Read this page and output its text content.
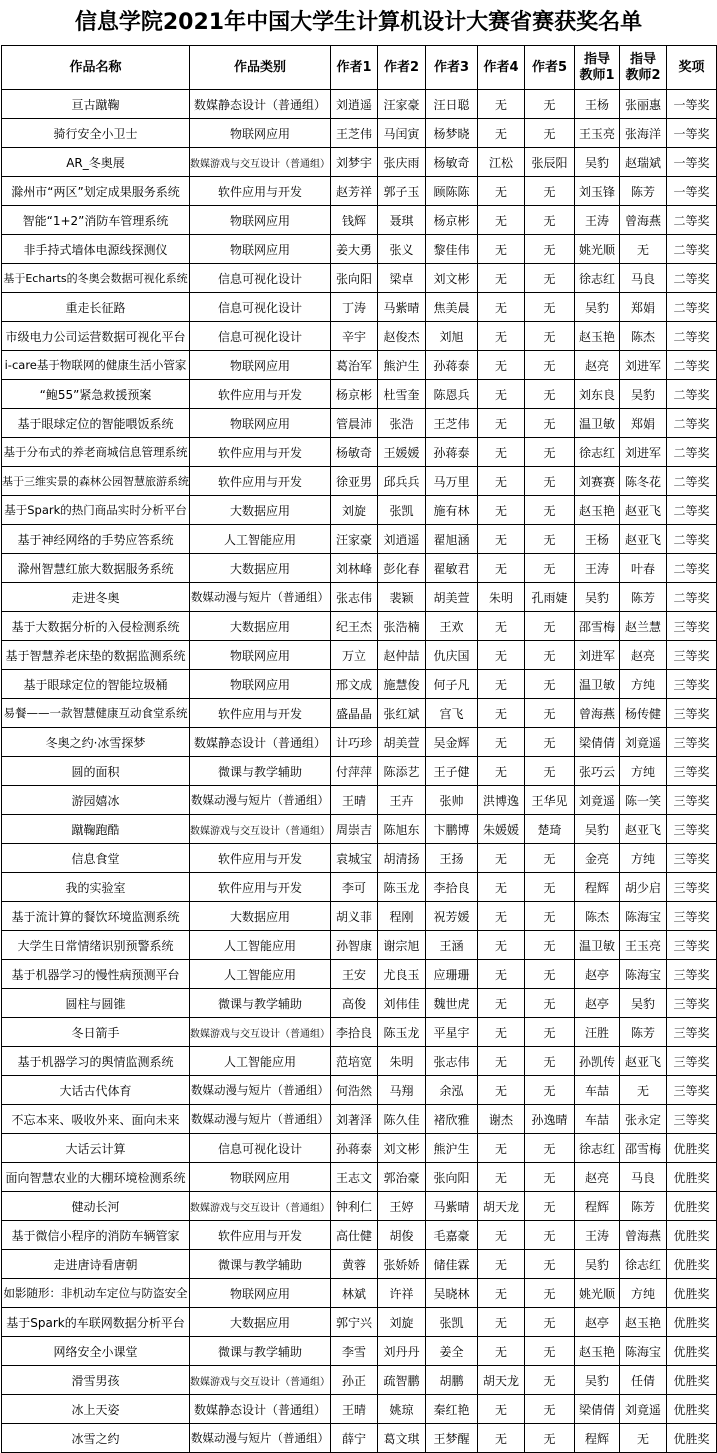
信息学院2021年中国大学生计算机设计大赛省赛获奖名单
作品名称	作品类别	作者1	作者2	作者3	作者4	作者5	指导教师1	指导教师2	奖项
亘古蹴鞠	数媒静态设计（普通组）	刘逍遥	汪家豪	汪日聪	无	无	王杨	张丽惠	一等奖
骑行安全小卫士	物联网应用	王芝伟	马闰寅	杨梦晓	无	无	王玉亮	张海洋	一等奖
AR_冬奥展	数媒游戏与交互设计（普通组）	刘梦宇	张庆雨	杨敏奇	江松	张辰阳	吴豹	赵瑞斌	一等奖
滁州市“两区”划定成果服务系统	软件应用与开发	赵芳祥	郭子玉	顾陈陈	无	无	刘玉锋	陈芳	一等奖
智能“1+2”消防车管理系统	物联网应用	钱辉	聂琪	杨京彬	无	无	王涛	曾海燕	二等奖
非手持式墙体电源线探测仪	物联网应用	姜大勇	张义	黎佳伟	无	无	姚光顺	无	二等奖
基于Echarts的冬奥会数据可视化系统	信息可视化设计	张向阳	梁卓	刘文彬	无	无	徐志红	马良	二等奖
重走长征路	信息可视化设计	丁涛	马紫晴	焦美晨	无	无	吴豹	郑娟	二等奖
市级电力公司运营数据可视化平台	信息可视化设计	辛宇	赵俊杰	刘旭	无	无	赵玉艳	陈杰	二等奖
i-care基于物联网的健康生活小管家	物联网应用	葛治军	熊沪生	孙蒋泰	无	无	赵亮	刘进军	二等奖
“鲍55”紧急救援预案	软件应用与开发	杨京彬	杜雪奎	陈恩兵	无	无	刘东良	吴豹	二等奖
基于眼球定位的智能喂饭系统	物联网应用	管晨沛	张浩	王芝伟	无	无	温卫敏	郑娟	二等奖
基于分布式的养老商城信息管理系统	软件应用与开发	杨敏奇	王媛媛	孙蒋泰	无	无	徐志红	刘进军	二等奖
基于三维实景的森林公园智慧旅游系统	软件应用与开发	徐亚男	邱兵兵	马万里	无	无	刘赛赛	陈冬花	二等奖
基于Spark的热门商品实时分析平台	大数据应用	刘旋	张凯	施有林	无	无	赵玉艳	赵亚飞	二等奖
基于神经网络的手势应答系统	人工智能应用	汪家豪	刘逍遥	翟旭涵	无	无	王杨	赵亚飞	二等奖
滁州智慧红旅大数据服务系统	大数据应用	刘林峰	彭化春	翟敏君	无	无	王涛	叶春	二等奖
走进冬奥	数媒动漫与短片（普通组）	张志伟	裴颖	胡美萱	朱明	孔雨婕	吴豹	陈芳	二等奖
基于大数据分析的入侵检测系统	大数据应用	纪王杰	张浩楠	王欢	无	无	邵雪梅	赵兰慧	三等奖
基于智慧养老床垫的数据监测系统	物联网应用	万立	赵仲喆	仇庆国	无	无	刘进军	赵亮	三等奖
基于眼球定位的智能垃圾桶	物联网应用	邢文成	施慧俊	何子凡	无	无	温卫敏	方纯	三等奖
易餐——一款智慧健康互动食堂系统	软件应用与开发	盛晶晶	张红斌	宫飞	无	无	曾海燕	杨传健	三等奖
冬奥之约·冰雪探梦	数媒静态设计（普通组）	计巧珍	胡美萱	吴金辉	无	无	梁倩倩	刘竟遥	三等奖
圆的面积	微课与教学辅助	付萍萍	陈添艺	王子健	无	无	张巧云	方纯	三等奖
游园嬉冰	数媒动漫与短片（普通组）	王晴	王卉	张帅	洪博逸	王华见	刘竟遥	陈一笑	三等奖
蹴鞠跑酷	数媒游戏与交互设计（普通组）	周崇吉	陈旭东	卞鹏博	朱媛媛	楚琦	吴豹	赵亚飞	三等奖
信息食堂	软件应用与开发	袁城宝	胡清扬	王扬	无	无	金亮	方纯	三等奖
我的实验室	软件应用与开发	李可	陈玉龙	李拾良	无	无	程辉	胡少启	三等奖
基于流计算的餐饮环境监测系统	大数据应用	胡义菲	程刚	祝芳媛	无	无	陈杰	陈海宝	三等奖
大学生日常情绪识别预警系统	人工智能应用	孙智康	谢宗旭	王涵	无	无	温卫敏	王玉亮	三等奖
基于机器学习的慢性病预测平台	人工智能应用	王安	尤良玉	应珊珊	无	无	赵亭	陈海宝	三等奖
圆柱与圆锥	微课与教学辅助	高俊	刘伟佳	魏世虎	无	无	赵亭	吴豹	三等奖
冬日箭手	数媒游戏与交互设计（普通组）	李拾良	陈玉龙	平星宇	无	无	汪胜	陈芳	三等奖
基于机器学习的舆情监测系统	人工智能应用	范培宽	朱明	张志伟	无	无	孙凯传	赵亚飞	三等奖
大话古代体育	数媒动漫与短片（普通组）	何浩然	马翔	余泓	无	无	车喆	无	三等奖
不忘本来、吸收外来、面向未来	数媒动漫与短片（普通组）	刘著泽	陈久佳	褚欣雅	谢杰	孙逸晴	车喆	张永定	三等奖
大话云计算	信息可视化设计	孙蒋泰	刘文彬	熊沪生	无	无	徐志红	邵雪梅	优胜奖
面向智慧农业的大棚环境检测系统	物联网应用	王志文	郭治豪	张向阳	无	无	赵亮	马良	优胜奖
健动长河	数媒游戏与交互设计（普通组）	钟利仁	王婷	马紫晴	胡天龙	无	程辉	陈芳	优胜奖
基于微信小程序的消防车辆管家	软件应用与开发	高仕健	胡俊	毛嘉豪	无	无	王涛	曾海燕	优胜奖
走进唐诗看唐朝	微课与教学辅助	黄蓉	张娇娇	储佳霖	无	无	吴豹	徐志红	优胜奖
如影随形：非机动车定位与防盗安全	物联网应用	林斌	许祥	吴晓林	无	无	姚光顺	方纯	优胜奖
基于Spark的车联网数据分析平台	大数据应用	郭宁兴	刘旋	张凯	无	无	赵亭	赵玉艳	优胜奖
网络安全小课堂	微课与教学辅助	李雪	刘丹丹	姜全	无	无	赵玉艳	陈海宝	优胜奖
滑雪男孩	数媒游戏与交互设计（普通组）	孙正	疏智鹏	胡鹏	胡天龙	无	吴豹	任倩	优胜奖
冰上天姿	数媒静态设计（普通组）	王晴	姚琼	秦红艳	无	无	梁倩倩	刘竟遥	优胜奖
冰雪之约	数媒动漫与短片（普通组）	薛宁	葛文琪	王梦醒	无	无	程辉	无	优胜奖
